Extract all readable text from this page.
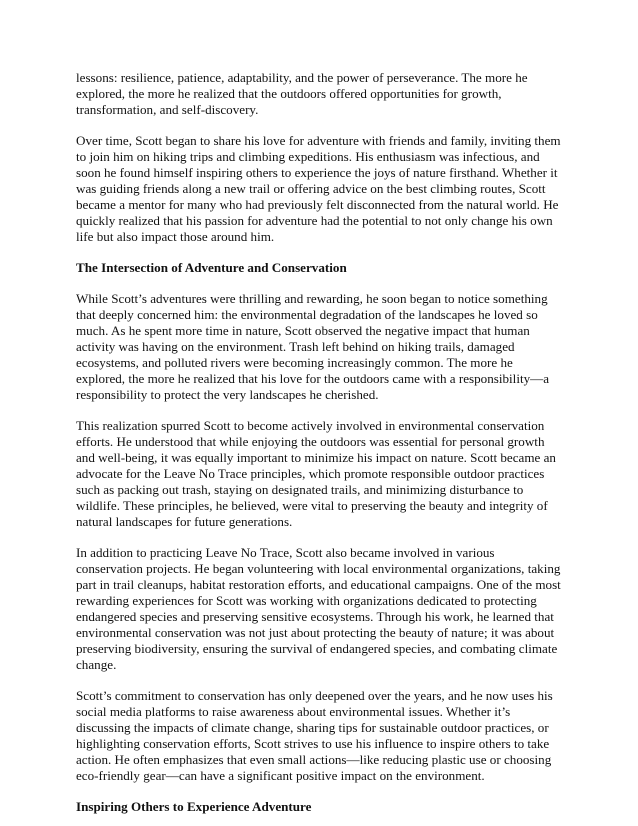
lessons: resilience, patience, adaptability, and the power of perseverance. The more he explored, the more he realized that the outdoors offered opportunities for growth, transformation, and self-discovery.

Over time, Scott began to share his love for adventure with friends and family, inviting them to join him on hiking trips and climbing expeditions. His enthusiasm was infectious, and soon he found himself inspiring others to experience the joys of nature firsthand. Whether it was guiding friends along a new trail or offering advice on the best climbing routes, Scott became a mentor for many who had previously felt disconnected from the natural world. He quickly realized that his passion for adventure had the potential to not only change his own life but also impact those around him.

The Intersection of Adventure and Conservation

While Scott’s adventures were thrilling and rewarding, he soon began to notice something that deeply concerned him: the environmental degradation of the landscapes he loved so much. As he spent more time in nature, Scott observed the negative impact that human activity was having on the environment. Trash left behind on hiking trails, damaged ecosystems, and polluted rivers were becoming increasingly common. The more he explored, the more he realized that his love for the outdoors came with a responsibility—a responsibility to protect the very landscapes he cherished.

This realization spurred Scott to become actively involved in environmental conservation efforts. He understood that while enjoying the outdoors was essential for personal growth and well-being, it was equally important to minimize his impact on nature. Scott became an advocate for the Leave No Trace principles, which promote responsible outdoor practices such as packing out trash, staying on designated trails, and minimizing disturbance to wildlife. These principles, he believed, were vital to preserving the beauty and integrity of natural landscapes for future generations.

In addition to practicing Leave No Trace, Scott also became involved in various conservation projects. He began volunteering with local environmental organizations, taking part in trail cleanups, habitat restoration efforts, and educational campaigns. One of the most rewarding experiences for Scott was working with organizations dedicated to protecting endangered species and preserving sensitive ecosystems. Through his work, he learned that environmental conservation was not just about protecting the beauty of nature; it was about preserving biodiversity, ensuring the survival of endangered species, and combating climate change.

Scott’s commitment to conservation has only deepened over the years, and he now uses his social media platforms to raise awareness about environmental issues. Whether it’s discussing the impacts of climate change, sharing tips for sustainable outdoor practices, or highlighting conservation efforts, Scott strives to use his influence to inspire others to take action. He often emphasizes that even small actions—like reducing plastic use or choosing eco-friendly gear—can have a significant positive impact on the environment.

Inspiring Others to Experience Adventure
